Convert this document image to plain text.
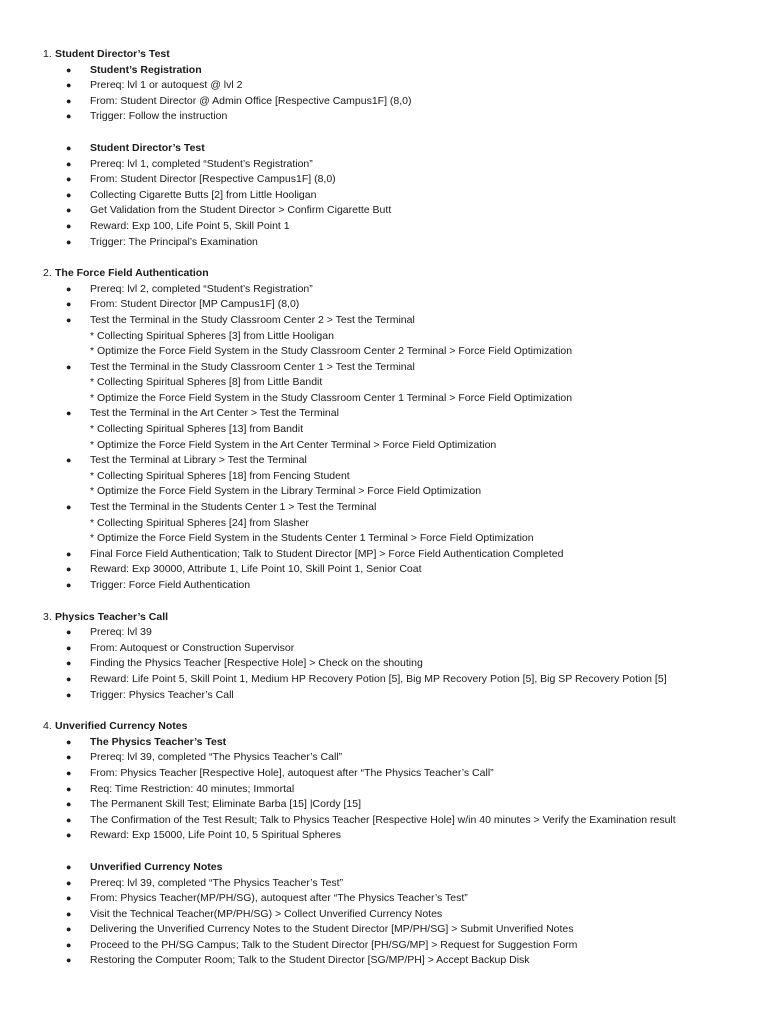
1. Student Director’s Test
● Student’s Registration
● Prereq: lvl 1 or autoquest @ lvl 2
● From: Student Director @ Admin Office [Respective Campus1F] (8,0)
● Trigger: Follow the instruction
● Student Director’s Test
● Prereq: lvl 1, completed “Student’s Registration”
● From: Student Director [Respective Campus1F] (8,0)
● Collecting Cigarette Butts [2] from Little Hooligan
● Get Validation from the Student Director > Confirm Cigarette Butt
● Reward: Exp 100, Life Point 5, Skill Point 1
● Trigger: The Principal’s Examination
2. The Force Field Authentication
● Prereq: lvl 2, completed “Student’s Registration”
● From: Student Director [MP Campus1F] (8,0)
● Test the Terminal in the Study Classroom Center 2 > Test the Terminal
* Collecting Spiritual Spheres [3] from Little Hooligan
* Optimize the Force Field System in the Study Classroom Center 2 Terminal > Force Field Optimization
● Test the Terminal in the Study Classroom Center 1 > Test the Terminal
* Collecting Spiritual Spheres [8] from Little Bandit
* Optimize the Force Field System in the Study Classroom Center 1 Terminal > Force Field Optimization
● Test the Terminal in the Art Center > Test the Terminal
* Collecting Spiritual Spheres [13] from Bandit
* Optimize the Force Field System in the Art Center Terminal > Force Field Optimization
● Test the Terminal at Library > Test the Terminal
* Collecting Spiritual Spheres [18] from Fencing Student
* Optimize the Force Field System in the Library Terminal > Force Field Optimization
● Test the Terminal in the Students Center 1 > Test the Terminal
* Collecting Spiritual Spheres [24] from Slasher
* Optimize the Force Field System in the Students Center 1 Terminal > Force Field Optimization
● Final Force Field Authentication; Talk to Student Director [MP] > Force Field Authentication Completed
● Reward: Exp 30000, Attribute 1, Life Point 10, Skill Point 1, Senior Coat
● Trigger: Force Field Authentication
3. Physics Teacher’s Call
● Prereq: lvl 39
● From: Autoquest or Construction Supervisor
● Finding the Physics Teacher [Respective Hole] > Check on the shouting
● Reward: Life Point 5, Skill Point 1, Medium HP Recovery Potion [5], Big MP Recovery Potion [5], Big SP Recovery Potion [5]
● Trigger: Physics Teacher’s Call
4. Unverified Currency Notes
● The Physics Teacher’s Test
● Prereq: lvl 39, completed “The Physics Teacher’s Call”
● From: Physics Teacher [Respective Hole], autoquest after “The Physics Teacher’s Call”
● Req: Time Restriction: 40 minutes; Immortal
● The Permanent Skill Test; Eliminate Barba [15] |Cordy [15]
● The Confirmation of the Test Result; Talk to Physics Teacher [Respective Hole] w/in 40 minutes > Verify the Examination result
● Reward: Exp 15000, Life Point 10, 5 Spiritual Spheres
● Unverified Currency Notes
● Prereq: lvl 39, completed “The Physics Teacher’s Test”
● From: Physics Teacher(MP/PH/SG), autoquest after “The Physics Teacher’s Test”
● Visit the Technical Teacher(MP/PH/SG) > Collect Unverified Currency Notes
● Delivering the Unverified Currency Notes to the Student Director [MP/PH/SG] > Submit Unverified Notes
● Proceed to the PH/SG Campus; Talk to the Student Director [PH/SG/MP] > Request for Suggestion Form
● Restoring the Computer Room; Talk to the Student Director [SG/MP/PH] > Accept Backup Disk
